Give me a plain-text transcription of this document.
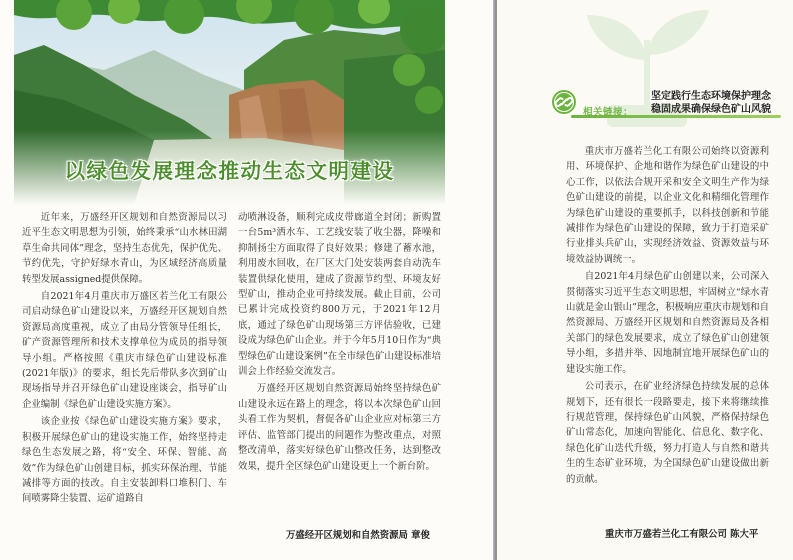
以绿色发展理念推动生态文明建设

近年来，万盛经开区规划和自然资源局以习近平生态文明思想为引领，始终秉承“山水林田湖草生命共同体”理念，坚持生态优先，保护优先、节约优先，守护好绿水青山，为区域经济高质量转型发展assigned提供保障。

自2021年4月重庆市万盛区若兰化工有限公司启动绿色矿山建设以来，万盛经开区规划自然资源局高度重视，成立了由局分管领导任组长，矿产资源管理所和技术支撑单位为成员的指导领导小组。严格按照《重庆市绿色矿山建设标准(2021年版)》的要求，组长先后带队多次到矿山现场指导并召开绿色矿山建设座谈会，指导矿山企业编制《绿色矿山建设实施方案》。

该企业按《绿色矿山建设实施方案》要求，积极开展绿色矿山的建设实施工作，始终坚持走绿色生态发展之路，将“安全、环保、智能、高效”作为绿色矿山创建目标，抓实环保治理、节能减排等方面的技改。自主安装卸料口堆积门、车间喷雾降尘装置、运矿道路自

动喷淋设备，顺利完成皮带廊道全封闭；新购置一台5m³洒水车、工艺线安装了收尘器，降噪和抑制扬尘方面取得了良好效果；修建了蓄水池，利用废水回收，在厂区大门处安装两套自动洗车装置供绿化使用，建成了资源节约型、环境友好型矿山，推动企业可持续发展。截止目前，公司已累计完成投资约800万元，于2021年12月底，通过了绿色矿山现场第三方评估验收，已建设成为绿色矿山企业。并于今年5月10日作为“典型绿色矿山建设案例”在全市绿色矿山建设标准培训会上作经验交流发言。

万盛经开区规划自然资源局始终坚持绿色矿山建设永远在路上的理念，将以本次绿色矿山回头看工作为契机，督促各矿山企业应对标第三方评估、监管部门提出的问题作为整改重点，对照整改清单，落实好绿色矿山整改任务，达到整改效果，提升全区绿色矿山建设更上一个新台阶。

万盛经开区规划和自然资源局 章俊
相关链接：
坚定践行生态环境保护理念
稳固成果确保绿色矿山风貌

重庆市万盛若兰化工有限公司始终以资源利用、环境保护、企地和谐作为绿色矿山建设的中心工作，以依法合规开采和安全文明生产作为绿色矿山建设的前提，以企业文化和精细化管理作为绿色矿山建设的重要抓手，以科技创新和节能减排作为绿色矿山建设的保障，致力于打造采矿行业排头兵矿山，实现经济效益、资源效益与环境效益协调统一。

自2021年4月绿色矿山创建以来，公司深入贯彻落实习近平生态文明思想，牢固树立“绿水青山就是金山银山”理念，积极响应重庆市规划和自然资源局、万盛经开区规划和自然资源局及各相关部门的绿色发展要求，成立了绿色矿山创建领导小组，多措并举、因地制宜地开展绿色矿山的建设实施工作。

公司表示，在矿业经济绿色持续发展的总体规划下，还有很长一段路要走，接下来将继续推行规范管理，保持绿色矿山风貌，严格保持绿色矿山常态化，加速向智能化、信息化、数字化、绿色化矿山迭代升级，努力打造人与自然和谐共生的生态矿业环境，为全国绿色矿山建设做出新的贡献。

重庆市万盛若兰化工有限公司 陈大平
